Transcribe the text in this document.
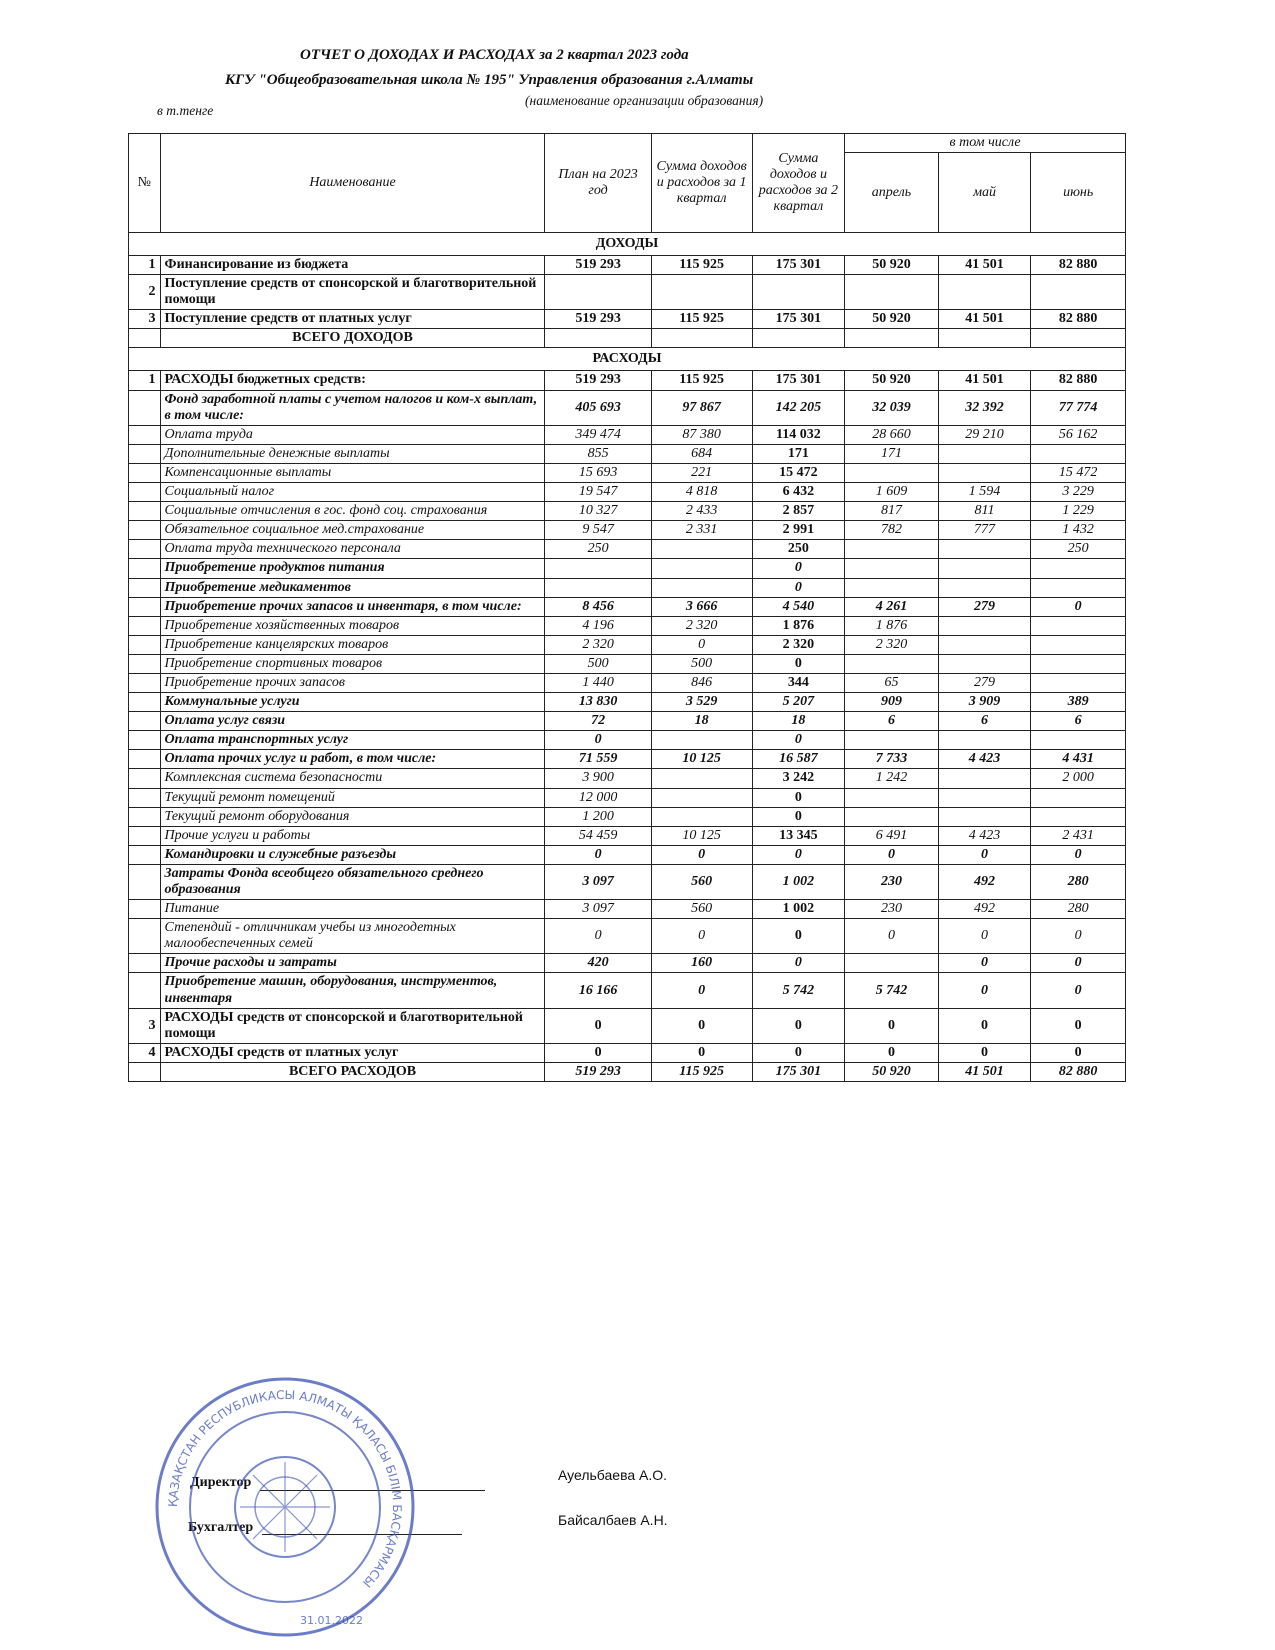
ОТЧЕТ О ДОХОДАХ И РАСХОДАХ за 2 квартал 2023 года
КГУ "Общеобразовательная школа № 195" Управления образования г.Алматы
в т.тенге
(наименование организации образования)
№	Наименование	План на 2023 год	Сумма доходов и расходов за 1 квартал	Сумма доходов и расходов за 2 квартал	в том числе		
					апрель	май	июнь
ДОХОДЫ							
1	Финансирование из бюджета	519 293	115 925	175 301	50 920	41 501	82 880
2	Поступление средств от спонсорской и благотворительной помощи						
3	Поступление средств от платных услуг	519 293	115 925	175 301	50 920	41 501	82 880
	ВСЕГО ДОХОДОВ						
РАСХОДЫ							
1	РАСХОДЫ бюджетных средств:	519 293	115 925	175 301	50 920	41 501	82 880
	Фонд заработной платы с учетом налогов и ком-х выплат, в том числе:	405 693	97 867	142 205	32 039	32 392	77 774
	Оплата труда	349 474	87 380	114 032	28 660	29 210	56 162
	Дополнительные денежные выплаты	855	684	171	171		
	Компенсационные выплаты	15 693	221	15 472			15 472
	Социальный налог	19 547	4 818	6 432	1 609	1 594	3 229
	Социальные отчисления в гос. фонд соц. страхования	10 327	2 433	2 857	817	811	1 229
	Обязательное социальное мед.страхование	9 547	2 331	2 991	782	777	1 432
	Оплата труда технического персонала	250		250			250
	Приобретение продуктов питания			0			
	Приобретение медикаментов			0			
	Приобретение прочих запасов и инвентаря, в том числе:	8 456	3 666	4 540	4 261	279	0
	Приобретение хозяйственных товаров	4 196	2 320	1 876	1 876		
	Приобретение канцелярских товаров	2 320	0	2 320	2 320		
	Приобретение спортивных товаров	500	500	0			
	Приобретение прочих запасов	1 440	846	344	65	279	
	Коммунальные услуги	13 830	3 529	5 207	909	3 909	389
	Оплата услуг связи	72	18	18	6	6	6
	Оплата транспортных услуг	0		0			
	Оплата прочих услуг и работ, в том числе:	71 559	10 125	16 587	7 733	4 423	4 431
	Комплексная система безопасности	3 900		3 242	1 242		2 000
	Текущий ремонт помещений	12 000		0			
	Текущий ремонт оборудования	1 200		0			
	Прочие услуги и работы	54 459	10 125	13 345	6 491	4 423	2 431
	Командировки и служебные разъезды	0	0	0	0	0	0
	Затраты Фонда всеобщего обязательного среднего образования	3 097	560	1 002	230	492	280
	Питание	3 097	560	1 002	230	492	280
	Степендий - отличникам учебы из многодетных малообеспеченных семей	0	0	0	0	0	0
	Прочие расходы и затраты	420	160	0		0	0
	Приобретение машин, оборудования, инструментов, инвентаря	16 166	0	5 742	5 742	0	0
3	РАСХОДЫ средств от спонсорской и благотворительной помощи	0	0	0	0	0	0
4	РАСХОДЫ средств от платных услуг	0	0	0	0	0	0
	ВСЕГО РАСХОДОВ	519 293	115 925	175 301	50 920	41 501	82 880
Директор	Ауельбаева А.О.
Бухгалтер	Байсалбаев А.Н.
ҚАЗАҚСТАН РЕСПУБЛИКАСЫ АЛМАТЫ ҚАЛАСЫ БІЛІМ БАСҚАРМАСЫ
31.01.2022
